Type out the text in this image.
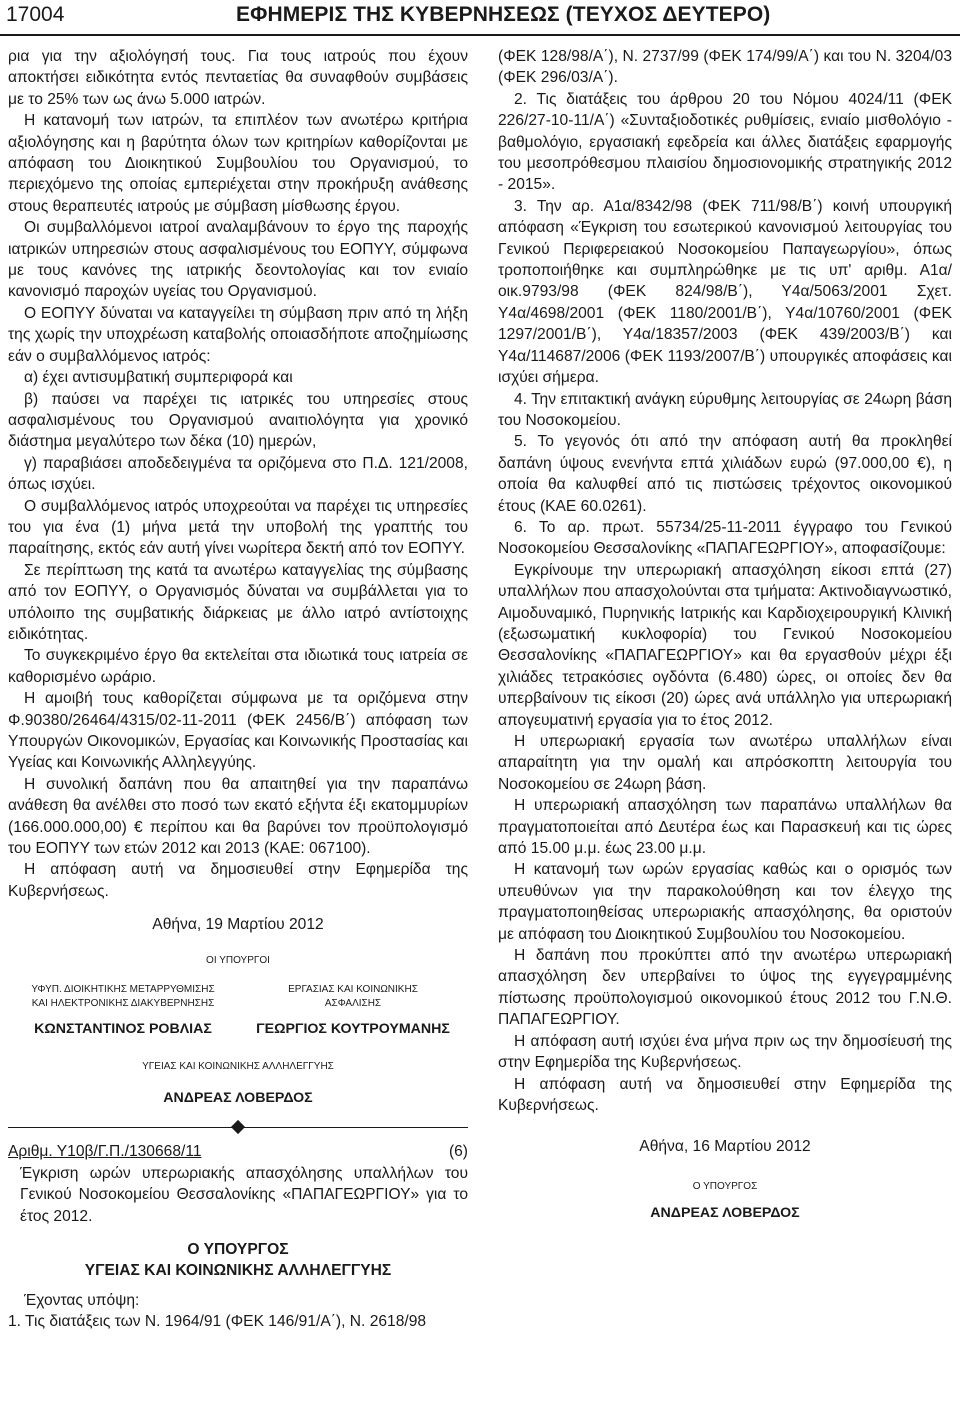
17004	ΕΦΗΜΕΡΙΣ ΤΗΣ ΚΥΒΕΡΝΗΣΕΩΣ (ΤΕΥΧΟΣ ΔΕΥΤΕΡΟ)

ρια για την αξιολόγησή τους. Για τους ιατρούς που έχουν αποκτήσει ειδικότητα εντός πενταετίας θα συναφθούν συμβάσεις με το 25% των ως άνω 5.000 ιατρών.

Η κατανομή των ιατρών, τα επιπλέον των ανωτέρω κριτήρια αξιολόγησης και η βαρύτητα όλων των κριτηρίων καθορίζονται με απόφαση του Διοικητικού Συμβουλίου του Οργανισμού, το περιεχόμενο της οποίας εμπεριέχεται στην προκήρυξη ανάθεσης στους θεραπευτές ιατρούς με σύμβαση μίσθωσης έργου.

Οι συμβαλλόμενοι ιατροί αναλαμβάνουν το έργο της παροχής ιατρικών υπηρεσιών στους ασφαλισμένους του ΕΟΠΥΥ, σύμφωνα με τους κανόνες της ιατρικής δεοντολογίας και τον ενιαίο κανονισμό παροχών υγείας του Οργανισμού.

Ο ΕΟΠΥΥ δύναται να καταγγείλει τη σύμβαση πριν από τη λήξη της χωρίς την υποχρέωση καταβολής οποιασδήποτε αποζημίωσης εάν ο συμβαλλόμενος ιατρός:

α) έχει αντισυμβατική συμπεριφορά και

β) παύσει να παρέχει τις ιατρικές του υπηρεσίες στους ασφαλισμένους του Οργανισμού αναιτιολόγητα για χρονικό διάστημα μεγαλύτερο των δέκα (10) ημερών,

γ) παραβιάσει αποδεδειγμένα τα οριζόμενα στο Π.Δ. 121/2008, όπως ισχύει.

Ο συμβαλλόμενος ιατρός υποχρεούται να παρέχει τις υπηρεσίες του για ένα (1) μήνα μετά την υποβολή της γραπτής του παραίτησης, εκτός εάν αυτή γίνει νωρίτερα δεκτή από τον ΕΟΠΥΥ.

Σε περίπτωση της κατά τα ανωτέρω καταγγελίας της σύμβασης από τον ΕΟΠΥΥ, ο Οργανισμός δύναται να συμβάλλεται για το υπόλοιπο της συμβατικής διάρκειας με άλλο ιατρό αντίστοιχης ειδικότητας.

Το συγκεκριμένο έργο θα εκτελείται στα ιδιωτικά τους ιατρεία σε καθορισμένο ωράριο.

Η αμοιβή τους καθορίζεται σύμφωνα με τα οριζόμενα στην Φ.90380/26464/4315/02-11-2011 (ΦΕΚ 2456/Β΄) απόφαση των Υπουργών Οικονομικών, Εργασίας και Κοινωνικής Προστασίας και Υγείας και Κοινωνικής Αλληλεγγύης.

Η συνολική δαπάνη που θα απαιτηθεί για την παραπάνω ανάθεση θα ανέλθει στο ποσό των εκατό εξήντα έξι εκατομμυρίων (166.000.000,00) € περίπου και θα βαρύνει τον προϋπολογισμό του ΕΟΠΥΥ των ετών 2012 και 2013 (ΚΑΕ: 067100).

Η απόφαση αυτή να δημοσιευθεί στην Εφημερίδα της Κυβερνήσεως.

Αθήνα, 19 Μαρτίου 2012
ΟΙ ΥΠΟΥΡΓΟΙ
ΥΦΥΠ. ΔΙΟΙΚΗΤΙΚΗΣ ΜΕΤΑΡΡΥΘΜΙΣΗΣ
ΚΑΙ ΗΛΕΚΤΡΟΝΙΚΗΣ ΔΙΑΚΥΒΕΡΝΗΣΗΣ
ΕΡΓΑΣΙΑΣ ΚΑΙ ΚΟΙΝΩΝΙΚΗΣ
ΑΣΦΑΛΙΣΗΣ
ΚΩΝΣΤΑΝΤΙΝΟΣ ΡΟΒΛΙΑΣ	ΓΕΩΡΓΙΟΣ ΚΟΥΤΡΟΥΜΑΝΗΣ
ΥΓΕΙΑΣ ΚΑΙ ΚΟΙΝΩΝΙΚΗΣ ΑΛΛΗΛΕΓΓΥΗΣ
ΑΝΔΡΕΑΣ ΛΟΒΕΡΔΟΣ
Αριθμ. Υ10β/Γ.Π./130668/11	(6)

Έγκριση ωρών υπερωριακής απασχόλησης υπαλλήλων του Γενικού Νοσοκομείου Θεσσαλονίκης «ΠΑΠΑΓΕΩΡΓΙΟΥ» για το έτος 2012.

Ο ΥΠΟΥΡΓΟΣ
ΥΓΕΙΑΣ ΚΑΙ ΚΟΙΝΩΝΙΚΗΣ ΑΛΛΗΛΕΓΓΥΗΣ

Έχοντας υπόψη:

1. Τις διατάξεις των Ν. 1964/91 (ΦΕΚ 146/91/Α΄), Ν. 2618/98

(ΦΕΚ 128/98/Α΄), Ν. 2737/99 (ΦΕΚ 174/99/Α΄) και του Ν. 3204/03 (ΦΕΚ 296/03/Α΄).

2. Τις διατάξεις του άρθρου 20 του Νόμου 4024/11 (ΦΕΚ 226/27-10-11/Α΄) «Συνταξιοδοτικές ρυθμίσεις, ενιαίο μισθολόγιο - βαθμολόγιο, εργασιακή εφεδρεία και άλλες διατάξεις εφαρμογής του μεσοπρόθεσμου πλαισίου δημοσιονομικής στρατηγικής 2012 - 2015».

3. Την αρ. Α1α/8342/98 (ΦΕΚ 711/98/Β΄) κοινή υπουργική απόφαση «Έγκριση του εσωτερικού κανονισμού λειτουργίας του Γενικού Περιφερειακού Νοσοκομείου Παπαγεωργίου», όπως τροποποιήθηκε και συμπληρώθηκε με τις υπ' αριθμ. Α1α/οικ.9793/98 (ΦΕΚ 824/98/Β΄), Υ4α/5063/2001 Σχετ. Υ4α/4698/2001 (ΦΕΚ 1180/2001/Β΄), Υ4α/10760/2001 (ΦΕΚ 1297/2001/Β΄), Υ4α/18357/2003 (ΦΕΚ 439/2003/Β΄) και Υ4α/114687/2006 (ΦΕΚ 1193/2007/Β΄) υπουργικές αποφάσεις και ισχύει σήμερα.

4. Την επιτακτική ανάγκη εύρυθμης λειτουργίας σε 24ωρη βάση του Νοσοκομείου.

5. Το γεγονός ότι από την απόφαση αυτή θα προκληθεί δαπάνη ύψους ενενήντα επτά χιλιάδων ευρώ (97.000,00 €), η οποία θα καλυφθεί από τις πιστώσεις τρέχοντος οικονομικού έτους (ΚΑΕ 60.0261).

6. Το αρ. πρωτ. 55734/25-11-2011 έγγραφο του Γενικού Νοσοκομείου Θεσσαλονίκης «ΠΑΠΑΓΕΩΡΓΙΟΥ», αποφασίζουμε:

Εγκρίνουμε την υπερωριακή απασχόληση είκοσι επτά (27) υπαλλήλων που απασχολούνται στα τμήματα: Ακτινοδιαγνωστικό, Αιμοδυναμικό, Πυρηνικής Ιατρικής και Καρδιοχειρουργική Κλινική (εξωσωματική κυκλοφορία) του Γενικού Νοσοκομείου Θεσσαλονίκης «ΠΑΠΑΓΕΩΡΓΙΟΥ» και θα εργασθούν μέχρι έξι χιλιάδες τετρακόσιες ογδόντα (6.480) ώρες, οι οποίες δεν θα υπερβαίνουν τις είκοσι (20) ώρες ανά υπάλληλο για υπερωριακή απογευματινή εργασία για το έτος 2012.

Η υπερωριακή εργασία των ανωτέρω υπαλλήλων είναι απαραίτητη για την ομαλή και απρόσκοπτη λειτουργία του Νοσοκομείου σε 24ωρη βάση.

Η υπερωριακή απασχόληση των παραπάνω υπαλλήλων θα πραγματοποιείται από Δευτέρα έως και Παρασκευή και τις ώρες από 15.00 μ.μ. έως 23.00 μ.μ.

Η κατανομή των ωρών εργασίας καθώς και ο ορισμός των υπευθύνων για την παρακολούθηση και τον έλεγχο της πραγματοποιηθείσας υπερωριακής απασχόλησης, θα οριστούν με απόφαση του Διοικητικού Συμβουλίου του Νοσοκομείου.

Η δαπάνη που προκύπτει από την ανωτέρω υπερωριακή απασχόληση δεν υπερβαίνει το ύψος της εγγεγραμμένης πίστωσης προϋπολογισμού οικονομικού έτους 2012 του Γ.Ν.Θ. ΠΑΠΑΓΕΩΡΓΙΟΥ.

Η απόφαση αυτή ισχύει ένα μήνα πριν ως την δημοσίευσή της στην Εφημερίδα της Κυβερνήσεως.

Η απόφαση αυτή να δημοσιευθεί στην Εφημερίδα της Κυβερνήσεως.

Αθήνα, 16 Μαρτίου 2012
Ο ΥΠΟΥΡΓΟΣ
ΑΝΔΡΕΑΣ ΛΟΒΕΡΔΟΣ
